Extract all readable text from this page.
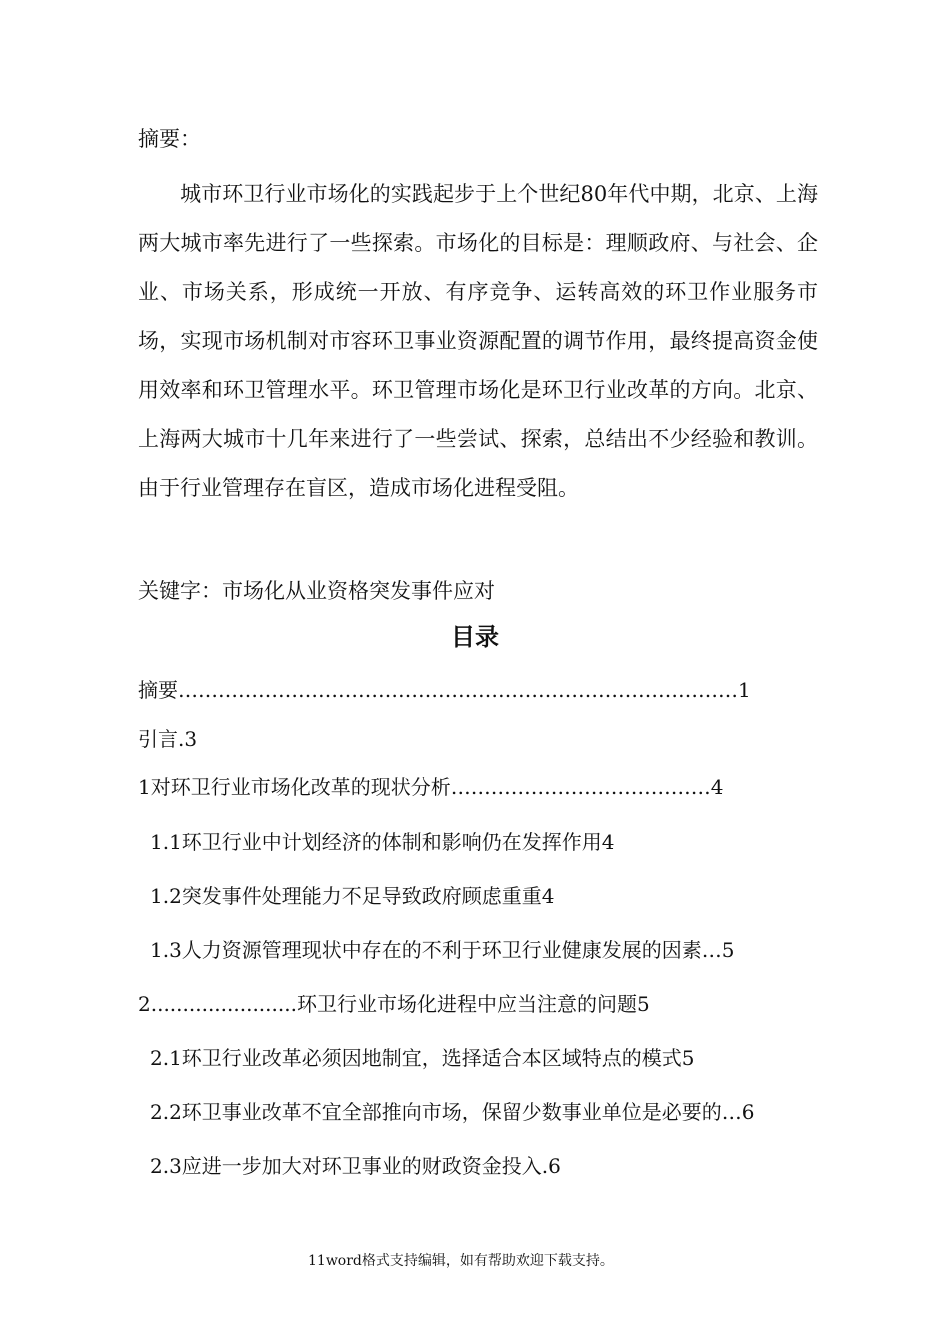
摘要：
城市环卫行业市场化的实践起步于上个世纪80年代中期，北京、上海两大城市率先进行了一些探索。市场化的目标是：理顺政府、与社会、企业、市场关系，形成统一开放、有序竞争、运转高效的环卫作业服务市场，实现市场机制对市容环卫事业资源配置的调节作用，最终提高资金使用效率和环卫管理水平。环卫管理市场化是环卫行业改革的方向。北京、上海两大城市十几年来进行了一些尝试、探索，总结出不少经验和教训。由于行业管理存在盲区，造成市场化进程受阻。
关键字：市场化从业资格突发事件应对
目录
摘要…………………………………………………………………………1
引言.3
1对环卫行业市场化改革的现状分析…………………………………4
1.1环卫行业中计划经济的体制和影响仍在发挥作用4
1.2突发事件处理能力不足导致政府顾虑重重4
1.3人力资源管理现状中存在的不利于环卫行业健康发展的因素…5
2.......................环卫行业市场化进程中应当注意的问题5
2.1环卫行业改革必须因地制宜，选择适合本区域特点的模式5
2.2环卫事业改革不宜全部推向市场，保留少数事业单位是必要的…6
2.3应进一步加大对环卫事业的财政资金投入.6
11word格式支持编辑，如有帮助欢迎下载支持。
